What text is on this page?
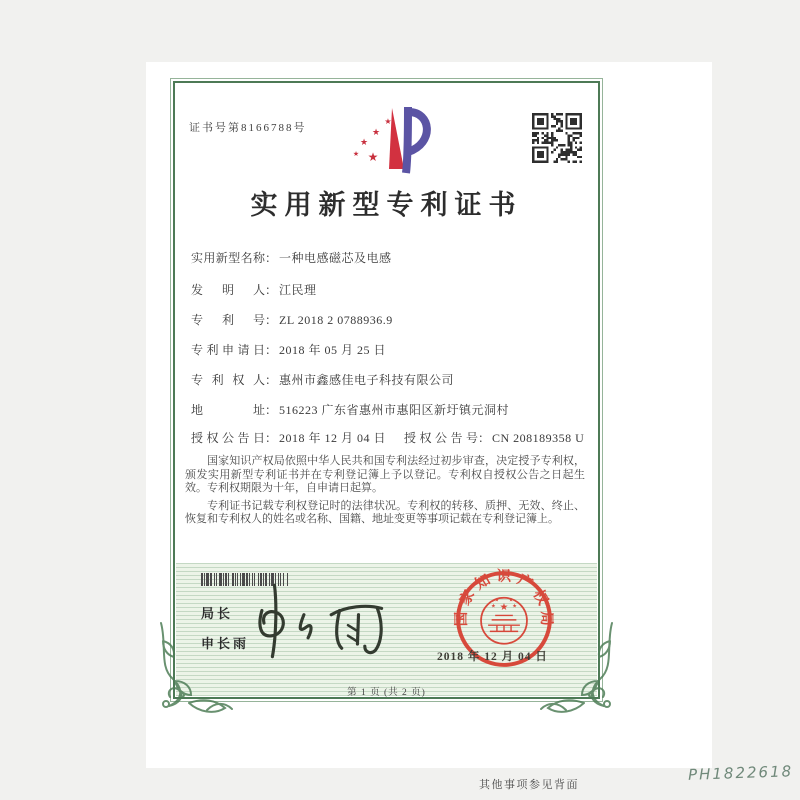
PH1822618
其他事项参见背面
证书号第8166788号
★
★
★
★ ★
实用新型专利证书
实用新型名称： 一种电感磁芯及电感
发明人： 江民理
专利号： ZL 2018 2 0788936.9
专利申请日： 2018 年 05 月 25 日
专利权人： 惠州市鑫感佳电子科技有限公司
地址： 516223 广东省惠州市惠阳区新圩镇元洞村
授权公告日： 2018 年 12 月 04 日 授权公告号： CN 208189358 U

国家知识产权局依照中华人民共和国专利法经过初步审查，决定授予专利权，颁发实用新型专利证书并在专利登记簿上予以登记。专利权自授权公告之日起生效。专利权期限为十年，自申请日起算。

专利证书记载专利权登记时的法律状况。专利权的转移、质押、无效、终止、恢复和专利权人的姓名或名称、国籍、地址变更等事项记载在专利登记簿上。

局长
申长雨
国家知识产权局
★
★	★
★ ★
2018 年 12 月 04 日
第 1 页 (共 2 页)
